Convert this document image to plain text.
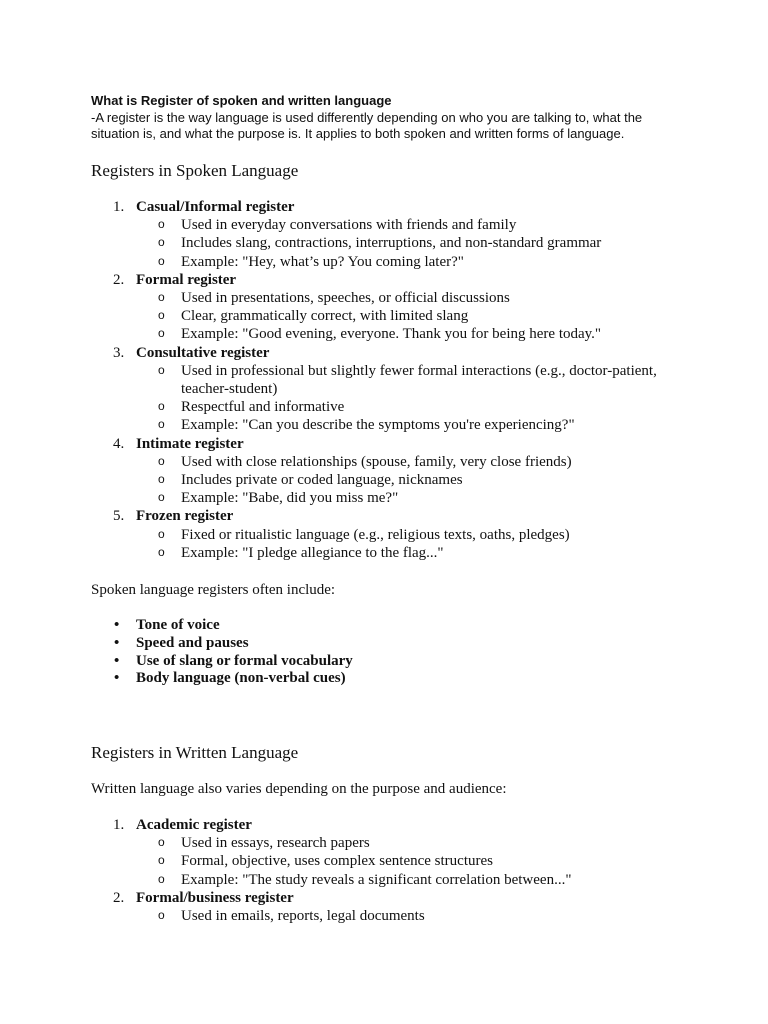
What is Register of spoken and written language
-A register is the way language is used differently depending on who you are talking to, what the situation is, and what the purpose is. It applies to both spoken and written forms of language.
Registers in Spoken Language
1. Casual/Informal register
o Used in everyday conversations with friends and family
o Includes slang, contractions, interruptions, and non-standard grammar
o Example: "Hey, what’s up? You coming later?"
2. Formal register
o Used in presentations, speeches, or official discussions
o Clear, grammatically correct, with limited slang
o Example: "Good evening, everyone. Thank you for being here today."
3. Consultative register
o Used in professional but slightly fewer formal interactions (e.g., doctor-patient, teacher-student)
o Respectful and informative
o Example: "Can you describe the symptoms you're experiencing?"
4. Intimate register
o Used with close relationships (spouse, family, very close friends)
o Includes private or coded language, nicknames
o Example: "Babe, did you miss me?"
5. Frozen register
o Fixed or ritualistic language (e.g., religious texts, oaths, pledges)
o Example: "I pledge allegiance to the flag..."
Spoken language registers often include:
• Tone of voice
• Speed and pauses
• Use of slang or formal vocabulary
• Body language (non-verbal cues)
Registers in Written Language
Written language also varies depending on the purpose and audience:
1. Academic register
o Used in essays, research papers
o Formal, objective, uses complex sentence structures
o Example: "The study reveals a significant correlation between..."
2. Formal/business register
o Used in emails, reports, legal documents
